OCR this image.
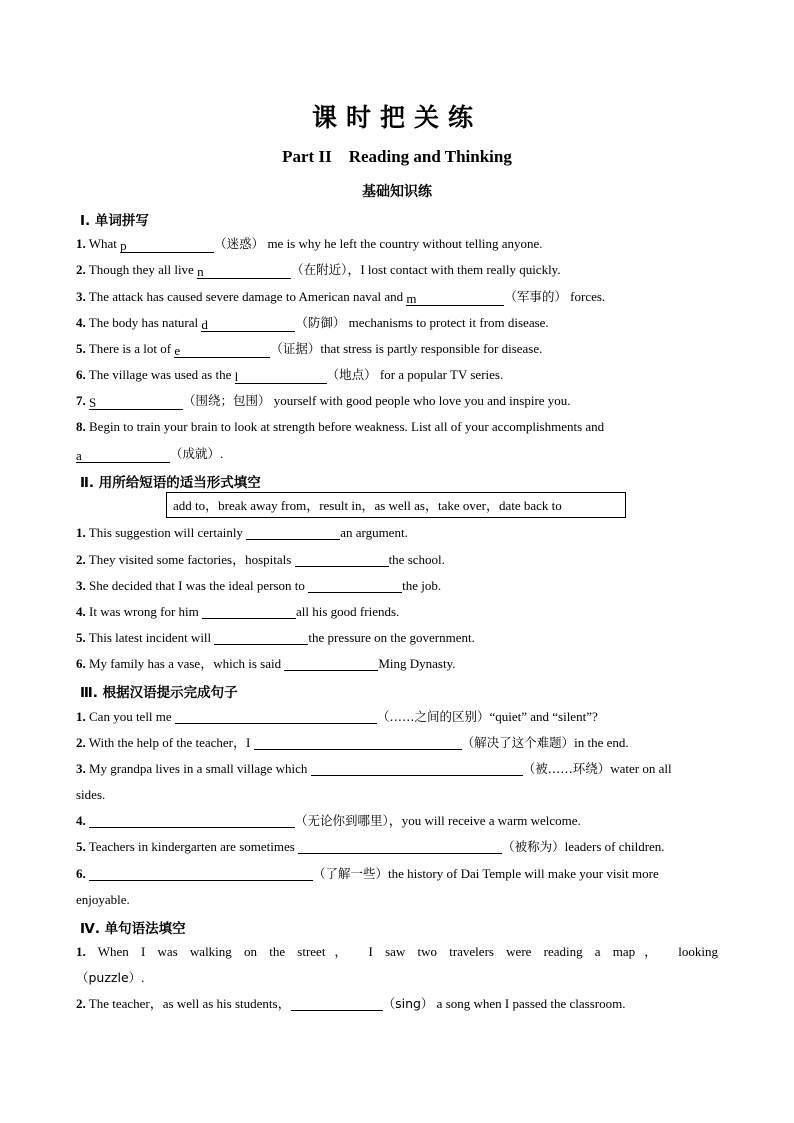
课时把关练
Part II    Reading and Thinking
基础知识练
Ⅰ. 单词拼写
1. What p	（迷惑） me is why he left the country without telling anyone.
2. Though they all live n	（在附近），I lost contact with them really quickly.
3. The attack has caused severe damage to American naval and m	（军事的） forces.
4. The body has natural d	（防御） mechanisms to protect it from disease.
5. There is a lot of e	（证据）that stress is partly responsible for disease.
6. The village was used as the l	（地点） for a popular TV series.
7. S	（围绕；包围） yourself with good people who love you and inspire you.
8. Begin to train your brain to look at strength before weakness. List all of your accomplishments and
a	（成就）.
Ⅱ. 用所给短语的适当形式填空
add to，break away from，result in，as well as，take over，date back to
1. This suggestion will certainly	an argument.
2. They visited some factories，hospitals	the school.
3. She decided that I was the ideal person to	the job.
4. It was wrong for him	all his good friends.
5. This latest incident will	the pressure on the government.
6. My family has a vase，which is said	Ming Dynasty.
Ⅲ. 根据汉语提示完成句子
1. Can you tell me	（……之间的区别）“quiet” and “silent”?
2. With the help of the teacher，I	（解决了这个难题）in the end.
3. My grandpa lives in a small village which	（被……环绕）water on all
sides.
4.	（无论你到哪里），you will receive a warm welcome.
5. Teachers in kindergarten are sometimes	（被称为）leaders of children.
6.	（了解一些）the history of Dai Temple will make your visit more
enjoyable.
Ⅳ. 单句语法填空
1. When I was walking on the street， I saw two travelers were reading a map， looking
（puzzle）.
2. The teacher，as well as his students，	（sing） a song when I passed the classroom.
